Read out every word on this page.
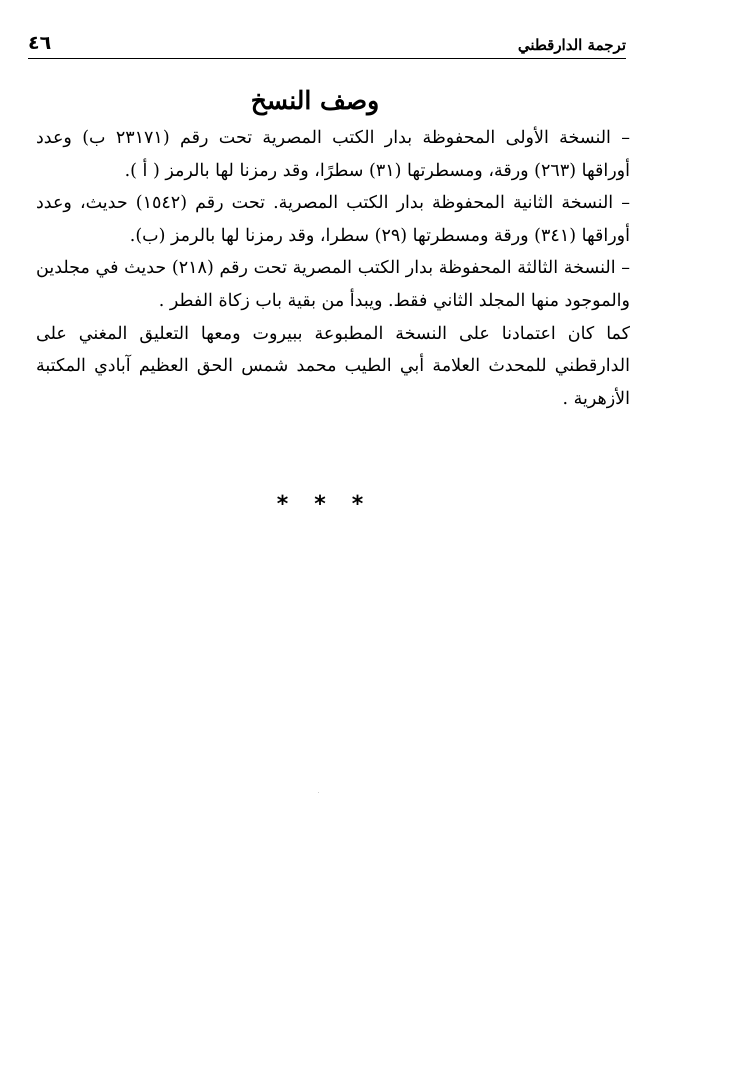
٤٦	ترجمة الدارقطني
وصف النسخ

– النسخة الأولى المحفوظة بدار الكتب المصرية تحت رقم (٢٣١٧١ ب) وعدد أوراقها (٢٦٣) ورقة، ومسطرتها (٣١) سطرًا، وقد رمزنا لها بالرمز ( أ ).

– النسخة الثانية المحفوظة بدار الكتب المصرية. تحت رقم (١٥٤٢) حديث، وعدد أوراقها (٣٤١) ورقة ومسطرتها (٢٩) سطرا، وقد رمزنا لها بالرمز (ب).

– النسخة الثالثة المحفوظة بدار الكتب المصرية تحت رقم (٢١٨) حديث في مجلدين والموجود منها المجلد الثاني فقط. ويبدأ من بقية باب زكاة الفطر .

كما كان اعتمادنا على النسخة المطبوعة ببيروت ومعها التعليق المغني على الدارقطني للمحدث العلامة أبي الطيب محمد شمس الحق العظيم آبادي المكتبة الأزهرية .

* * *
